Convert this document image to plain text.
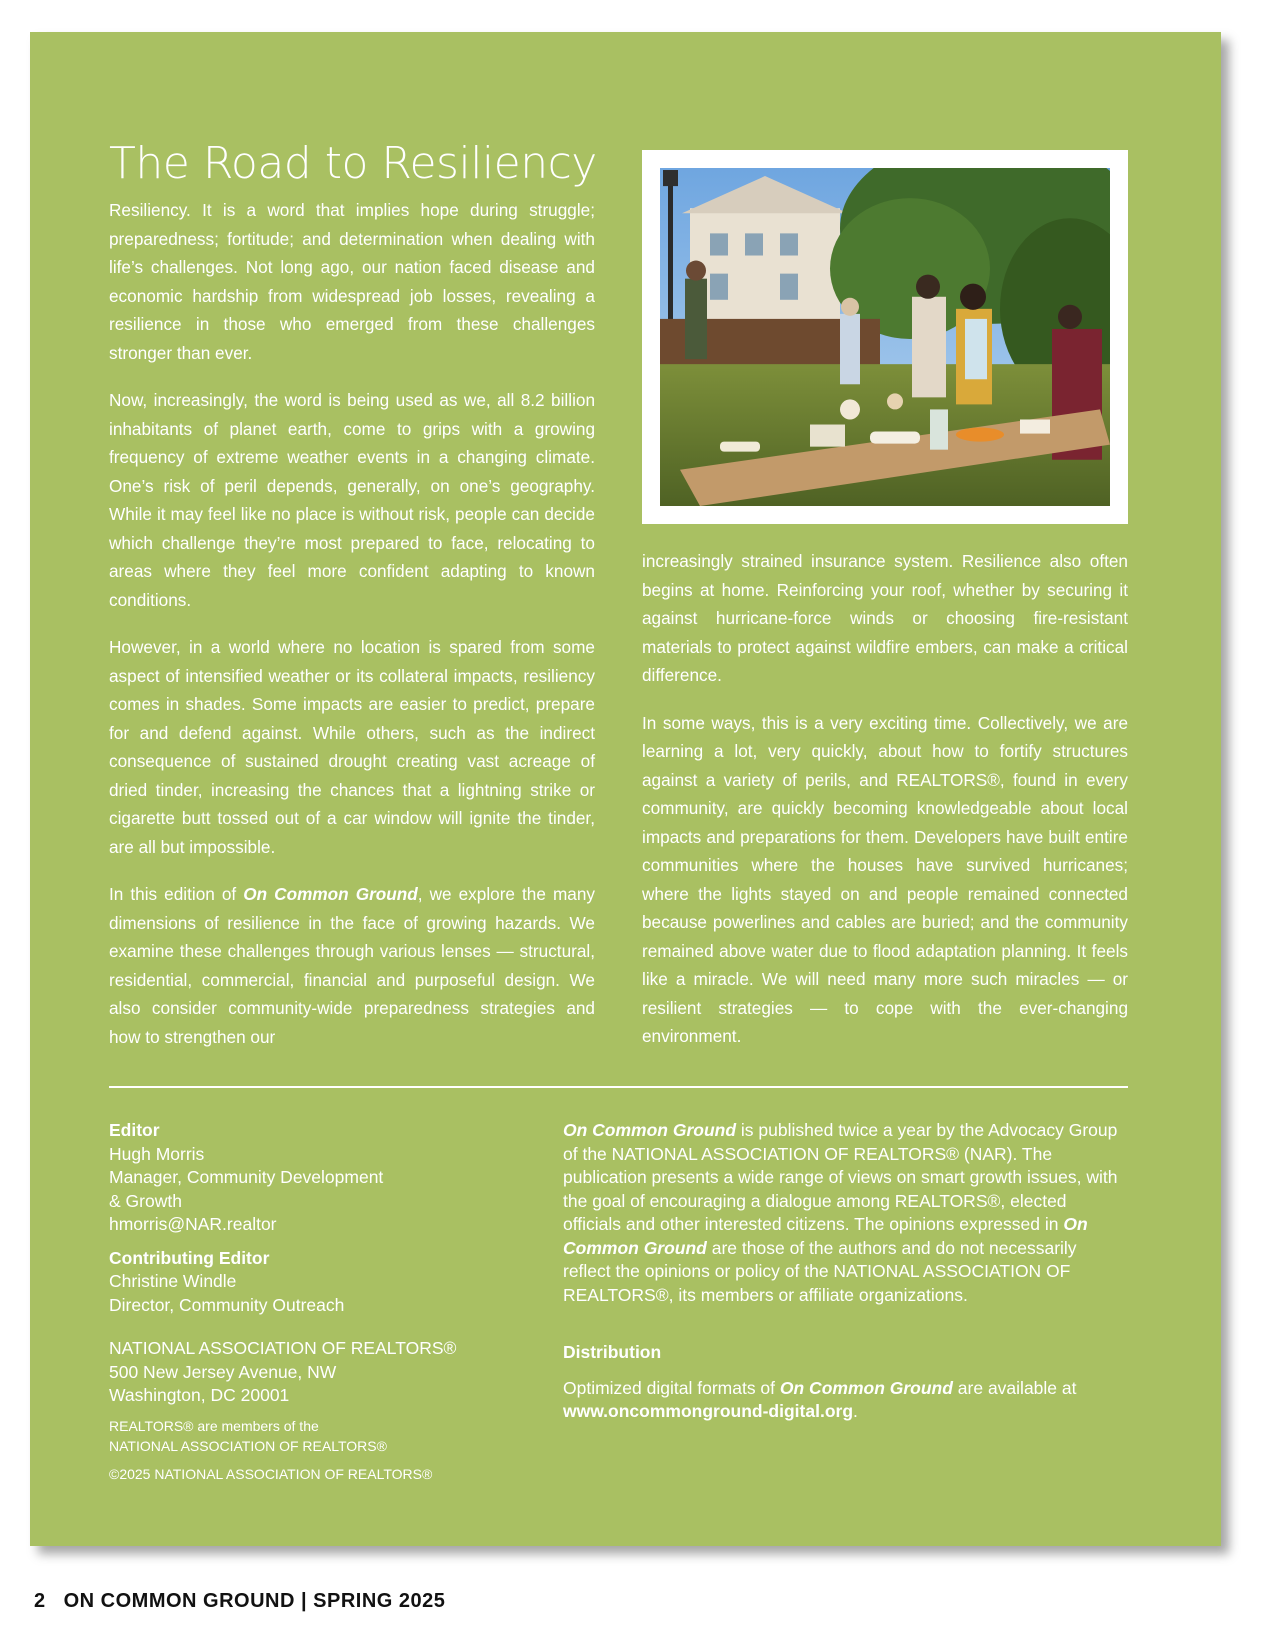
The Road to Resiliency

Resiliency. It is a word that implies hope during struggle; preparedness; fortitude; and determination when dealing with life’s challenges. Not long ago, our nation faced disease and economic hardship from widespread job losses, revealing a resilience in those who emerged from these challenges stronger than ever.

Now, increasingly, the word is being used as we, all 8.2 billion inhabitants of planet earth, come to grips with a growing frequency of extreme weather events in a changing climate. One’s risk of peril depends, generally, on one’s geography. While it may feel like no place is without risk, people can decide which challenge they’re most prepared to face, relocating to areas where they feel more confident adapting to known conditions.

However, in a world where no location is spared from some aspect of intensified weather or its collateral impacts, resiliency comes in shades. Some impacts are easier to predict, prepare for and defend against. While others, such as the indirect consequence of sustained drought creating vast acreage of dried tinder, increasing the chances that a lightning strike or cigarette butt tossed out of a car window will ignite the tinder, are all but impossible.

In this edition of On Common Ground, we explore the many dimensions of resilience in the face of growing hazards. We examine these challenges through various lenses — structural, residential, commercial, financial and purposeful design. We also consider community-wide preparedness strategies and how to strengthen our

increasingly strained insurance system. Resilience also often begins at home. Reinforcing your roof, whether by securing it against hurricane-force winds or choosing fire-resistant materials to protect against wildfire embers, can make a critical difference.

In some ways, this is a very exciting time. Collectively, we are learning a lot, very quickly, about how to fortify structures against a variety of perils, and REALTORS®, found in every community, are quickly becoming knowledgeable about local impacts and preparations for them. Developers have built entire communities where the houses have survived hurricanes; where the lights stayed on and people remained connected because powerlines and cables are buried; and the community remained above water due to flood adaptation planning. It feels like a miracle. We will need many more such miracles — or resilient strategies — to cope with the ever-changing environment.

Editor
Hugh Morris
Manager, Community Development
& Growth
hmorris@NAR.realtor
Contributing Editor
Christine Windle
Director, Community Outreach
NATIONAL ASSOCIATION OF REALTORS®
500 New Jersey Avenue, NW
Washington, DC 20001
REALTORS® are members of the
NATIONAL ASSOCIATION OF REALTORS®
©2025 NATIONAL ASSOCIATION OF REALTORS®
On Common Ground is published twice a year by the Advocacy Group of the NATIONAL ASSOCIATION OF REALTORS® (NAR). The publication presents a wide range of views on smart growth issues, with the goal of encouraging a dialogue among REALTORS®, elected officials and other interested citizens. The opinions expressed in On Common Ground are those of the authors and do not necessarily reflect the opinions or policy of the NATIONAL ASSOCIATION OF REALTORS®, its members or affiliate organizations.
Distribution
Optimized digital formats of On Common Ground are available at www.oncommonground-digital.org.
2 ON COMMON GROUND | SPRING 2025
